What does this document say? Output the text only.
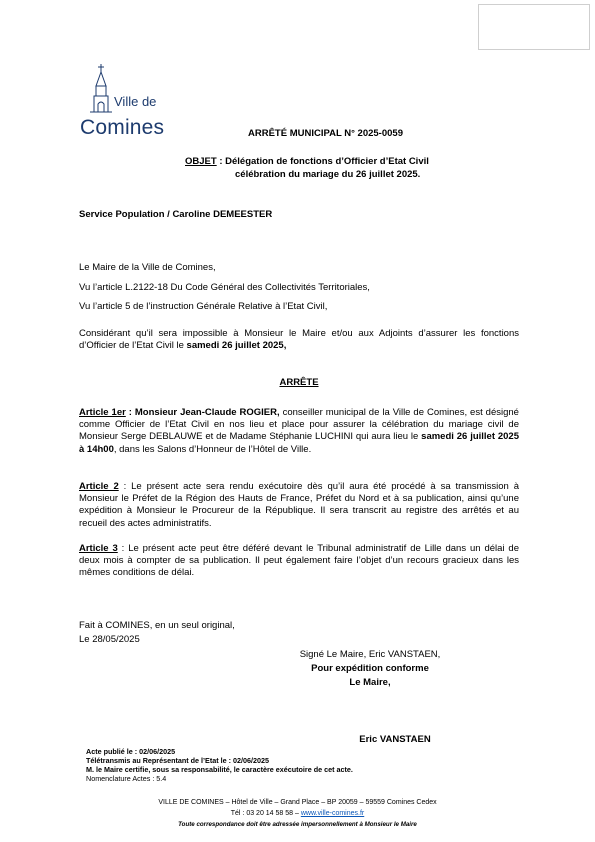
Ville de
Comines	ARRÊTÉ MUNICIPAL N° 2025-0059
OBJET : Délégation de fonctions d’Officier d’Etat Civil
célébration du mariage du 26 juillet 2025.
Service Population / Caroline DEMEESTER
Le Maire de la Ville de Comines,
Vu l’article L.2122-18 Du Code Général des Collectivités Territoriales,
Vu l’article 5 de l’instruction Générale Relative à l’Etat Civil,
Considérant qu’il sera impossible à Monsieur le Maire et/ou aux Adjoints d’assurer les fonctions d’Officier de l’Etat Civil le samedi 26 juillet 2025,
ARRÊTE
Article 1er : Monsieur Jean-Claude ROGIER, conseiller municipal de la Ville de Comines, est désigné comme Officier de l’Etat Civil en nos lieu et place pour assurer la célébration du mariage civil de Monsieur Serge DEBLAUWE et de Madame Stéphanie LUCHINI qui aura lieu le samedi 26 juillet 2025 à 14h00, dans les Salons d’Honneur de l’Hôtel de Ville.
Article 2 : Le présent acte sera rendu exécutoire dès qu’il aura été procédé à sa transmission à Monsieur le Préfet de la Région des Hauts de France, Préfet du Nord et à sa publication, ainsi qu’une expédition à Monsieur le Procureur de la République. Il sera transcrit au registre des arrêtés et au recueil des actes administratifs.
Article 3 : Le présent acte peut être déféré devant le Tribunal administratif de Lille dans un délai de deux mois à compter de sa publication. Il peut également faire l’objet d’un recours gracieux dans les mêmes conditions de délai.
Fait à COMINES, en un seul original,
Le 28/05/2025
Signé Le Maire, Eric VANSTAEN,
Pour expédition conforme
Le Maire,
Eric VANSTAEN
Acte publié le : 02/06/2025
Télétransmis au Représentant de l’Etat le : 02/06/2025
M. le Maire certifie, sous sa responsabilité, le caractère exécutoire de cet acte.
Nomenclature Actes : 5.4
VILLE DE COMINES – Hôtel de Ville – Grand Place – BP 20059 – 59559 Comines Cedex
Tél : 03 20 14 58 58 – www.ville-comines.fr
Toute correspondance doit être adressée impersonnellement à Monsieur le Maire
